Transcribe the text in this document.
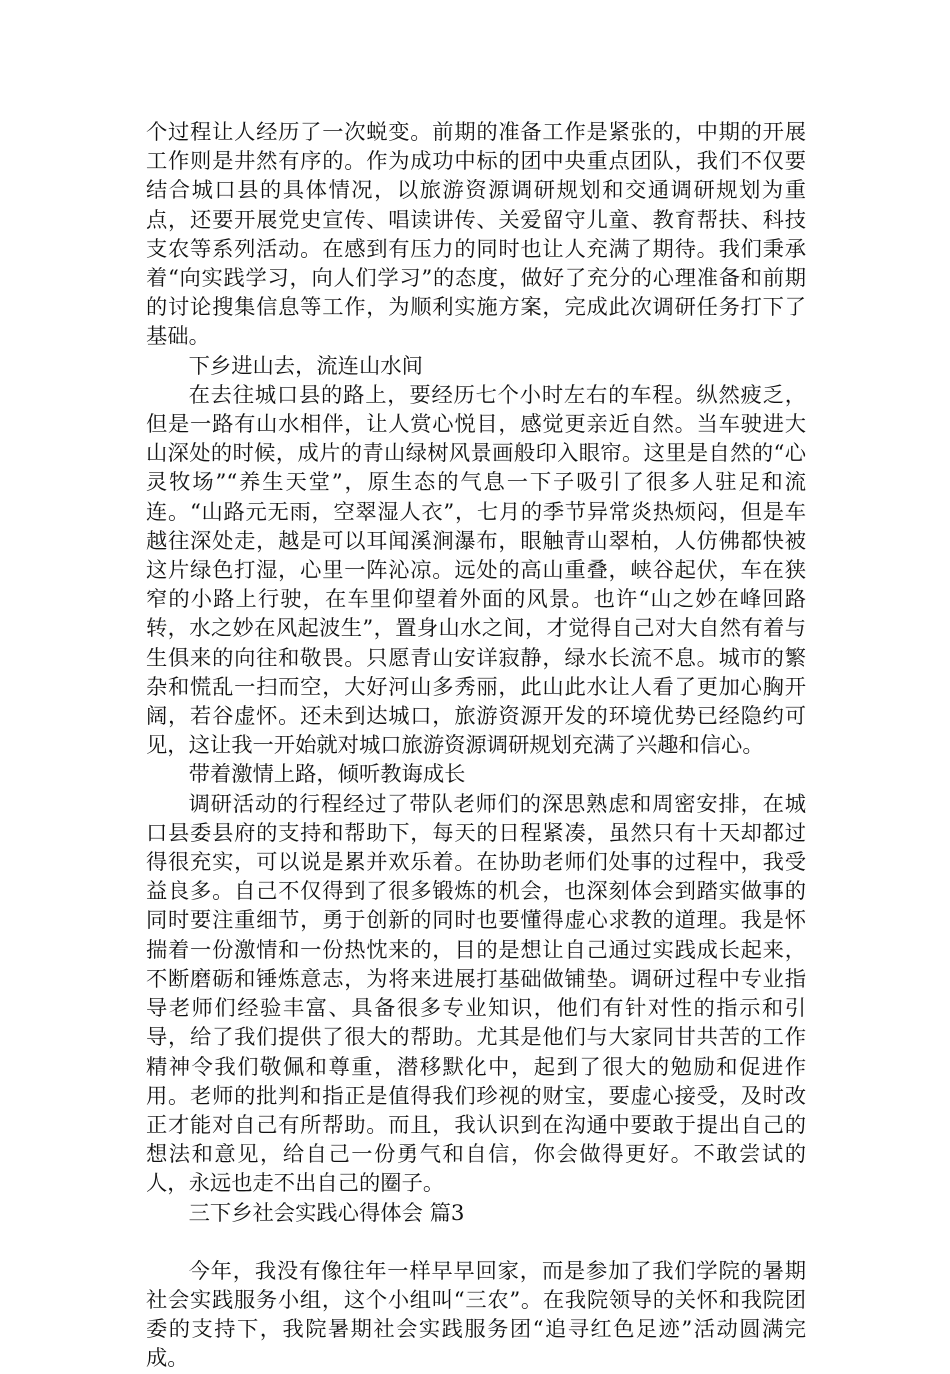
个过程让人经历了一次蜕变。前期的准备工作是紧张的，中期的开展工作则是井然有序的。作为成功中标的团中央重点团队，我们不仅要结合城口县的具体情况，以旅游资源调研规划和交通调研规划为重点，还要开展党史宣传、唱读讲传、关爱留守儿童、教育帮扶、科技支农等系列活动。在感到有压力的同时也让人充满了期待。我们秉承着“向实践学习，向人们学习”的态度，做好了充分的心理准备和前期的讨论搜集信息等工作，为顺利实施方案，完成此次调研任务打下了基础。

下乡进山去，流连山水间

在去往城口县的路上，要经历七个小时左右的车程。纵然疲乏，但是一路有山水相伴，让人赏心悦目，感觉更亲近自然。当车驶进大山深处的时候，成片的青山绿树风景画般印入眼帘。这里是自然的“心灵牧场”“养生天堂”，原生态的气息一下子吸引了很多人驻足和流连。“山路元无雨，空翠湿人衣”，七月的季节异常炎热烦闷，但是车越往深处走，越是可以耳闻溪涧瀑布，眼触青山翠柏，人仿佛都快被这片绿色打湿，心里一阵沁凉。远处的高山重叠，峡谷起伏，车在狭窄的小路上行驶，在车里仰望着外面的风景。也许“山之妙在峰回路转，水之妙在风起波生”，置身山水之间，才觉得自己对大自然有着与生俱来的向往和敬畏。只愿青山安详寂静，绿水长流不息。城市的繁杂和慌乱一扫而空，大好河山多秀丽，此山此水让人看了更加心胸开阔，若谷虚怀。还未到达城口，旅游资源开发的环境优势已经隐约可见，这让我一开始就对城口旅游资源调研规划充满了兴趣和信心。

带着激情上路，倾听教诲成长

调研活动的行程经过了带队老师们的深思熟虑和周密安排，在城口县委县府的支持和帮助下，每天的日程紧凑，虽然只有十天却都过得很充实，可以说是累并欢乐着。在协助老师们处事的过程中，我受益良多。自己不仅得到了很多锻炼的机会，也深刻体会到踏实做事的同时要注重细节，勇于创新的同时也要懂得虚心求教的道理。我是怀揣着一份激情和一份热忱来的，目的是想让自己通过实践成长起来，不断磨砺和锤炼意志，为将来进展打基础做铺垫。调研过程中专业指导老师们经验丰富、具备很多专业知识，他们有针对性的指示和引导，给了我们提供了很大的帮助。尤其是他们与大家同甘共苦的工作精神令我们敬佩和尊重，潜移默化中，起到了很大的勉励和促进作用。老师的批判和指正是值得我们珍视的财宝，要虚心接受，及时改正才能对自己有所帮助。而且，我认识到在沟通中要敢于提出自己的想法和意见，给自己一份勇气和自信，你会做得更好。不敢尝试的人，永远也走不出自己的圈子。

三下乡社会实践心得体会 篇3

今年，我没有像往年一样早早回家，而是参加了我们学院的暑期社会实践服务小组，这个小组叫“三农”。在我院领导的关怀和我院团委的支持下，我院暑期社会实践服务团“追寻红色足迹”活动圆满完成。
